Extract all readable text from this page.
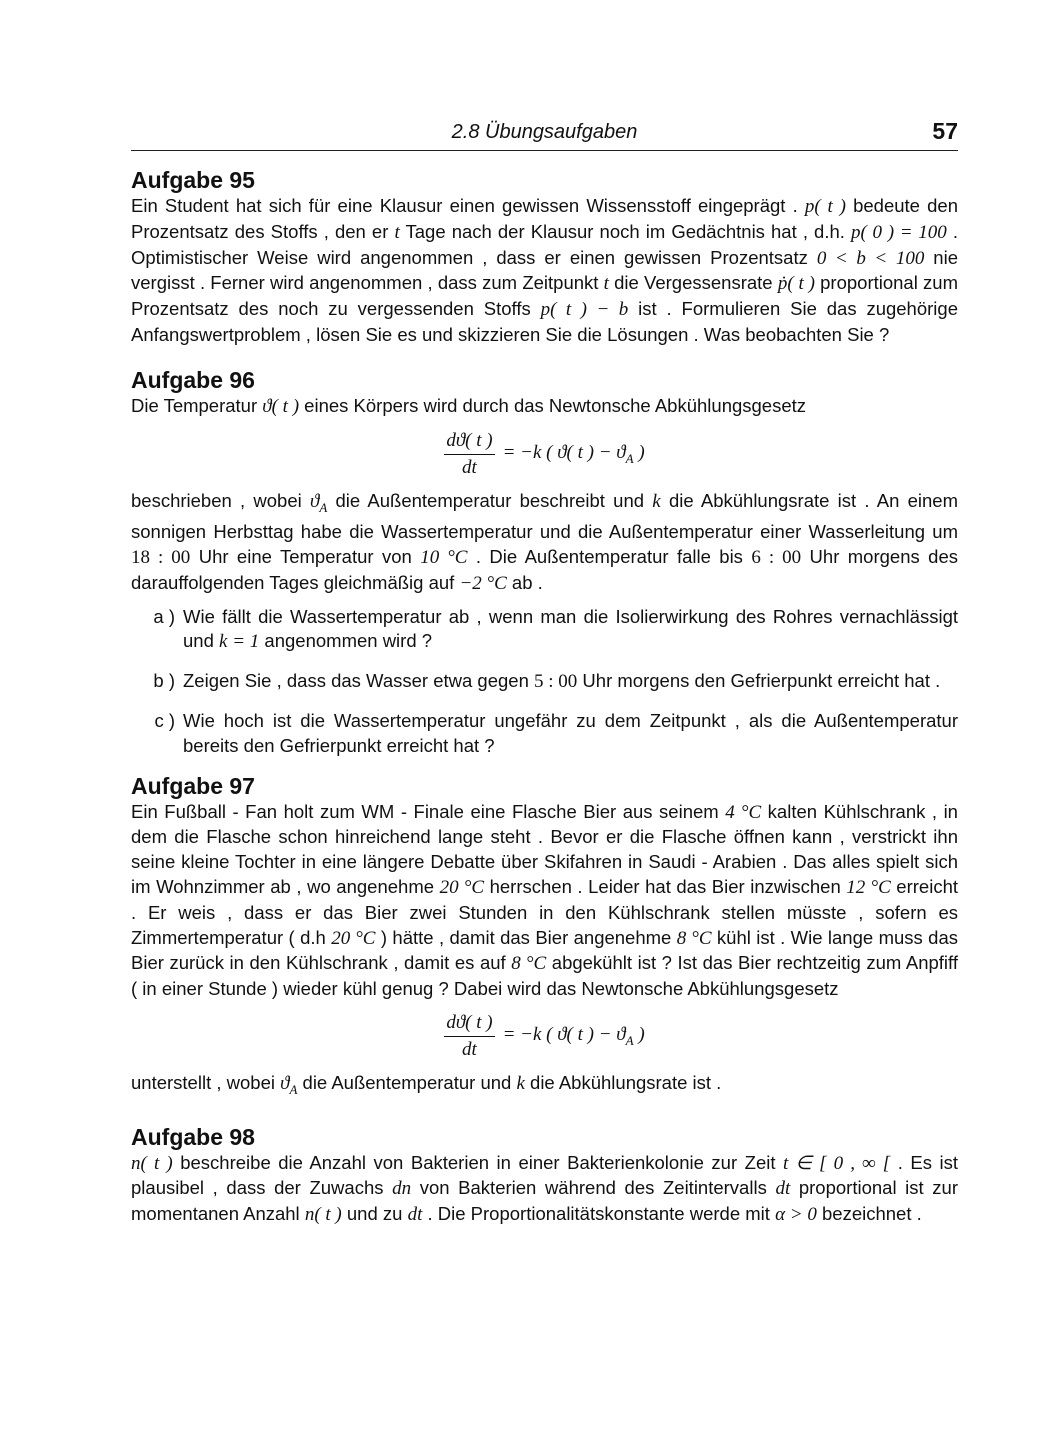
2.8 Übungsaufgaben	57
Aufgabe 95

Ein Student hat sich für eine Klausur einen gewissen Wissensstoff eingeprägt . p( t ) bedeute den Prozentsatz des Stoffs , den er t Tage nach der Klausur noch im Gedächtnis hat , d.h. p( 0 ) = 100 . Optimistischer Weise wird angenommen , dass er einen gewissen Prozentsatz 0 < b < 100 nie vergisst . Ferner wird angenommen , dass zum Zeitpunkt t die Vergessensrate ṗ( t ) proportional zum Prozentsatz des noch zu vergessenden Stoffs p( t ) − b ist . Formulieren Sie das zugehörige Anfangswertproblem , lösen Sie es und skizzieren Sie die Lösungen . Was beobachten Sie ?

Aufgabe 96

Die Temperatur ϑ( t ) eines Körpers wird durch das Newtonsche Abkühlungsgesetz

$\frac{dϑ( t )}{dt} = -k$ ( ϑ( t ) − $ϑ_A$ )

beschrieben , wobei $ϑ_A$ die Außentemperatur beschreibt und k die Abkühlungsrate ist . An einem sonnigen Herbsttag habe die Wassertemperatur und die Außentemperatur einer Wasserleitung um 18 : 00 Uhr eine Temperatur von 10 °C . Die Außentemperatur falle bis 6 : 00 Uhr morgens des darauffolgenden Tages gleichmäßig auf −2 °C ab .

a ) Wie fällt die Wassertemperatur ab , wenn man die Isolierwirkung des Rohres vernachlässigt und k = 1 angenommen wird ?
b ) Zeigen Sie , dass das Wasser etwa gegen 5 : 00 Uhr morgens den Gefrierpunkt erreicht hat .
c ) Wie hoch ist die Wassertemperatur ungefähr zu dem Zeitpunkt , als die Außentemperatur bereits den Gefrierpunkt erreicht hat ?
Aufgabe 97

Ein Fußball - Fan holt zum WM - Finale eine Flasche Bier aus seinem 4 °C kalten Kühlschrank , in dem die Flasche schon hinreichend lange steht . Bevor er die Flasche öffnen kann , verstrickt ihn seine kleine Tochter in eine längere Debatte über Skifahren in Saudi - Arabien . Das alles spielt sich im Wohnzimmer ab , wo angenehme 20 °C herrschen . Leider hat das Bier inzwischen 12 °C erreicht . Er weis , dass er das Bier zwei Stunden in den Kühlschrank stellen müsste , sofern es Zimmertemperatur ( d.h 20 °C ) hätte , damit das Bier angenehme 8 °C kühl ist . Wie lange muss das Bier zurück in den Kühlschrank , damit es auf 8 °C abgekühlt ist ? Ist das Bier rechtzeitig zum Anpfiff ( in einer Stunde ) wieder kühl genug ? Dabei wird das Newtonsche Abkühlungsgesetz

$\frac{dϑ( t )}{dt} = -k$ ( ϑ( t ) − $ϑ_A$ )

unterstellt , wobei $ϑ_A$ die Außentemperatur und k die Abkühlungsrate ist .

Aufgabe 98

n( t ) beschreibe die Anzahl von Bakterien in einer Bakterienkolonie zur Zeit t ∈ [ 0 , ∞ [ . Es ist plausibel , dass der Zuwachs dn von Bakterien während des Zeitintervalls dt proportional ist zur momentanen Anzahl n( t ) und zu dt . Die Proportionalitätskonstante werde mit α > 0 bezeichnet .
